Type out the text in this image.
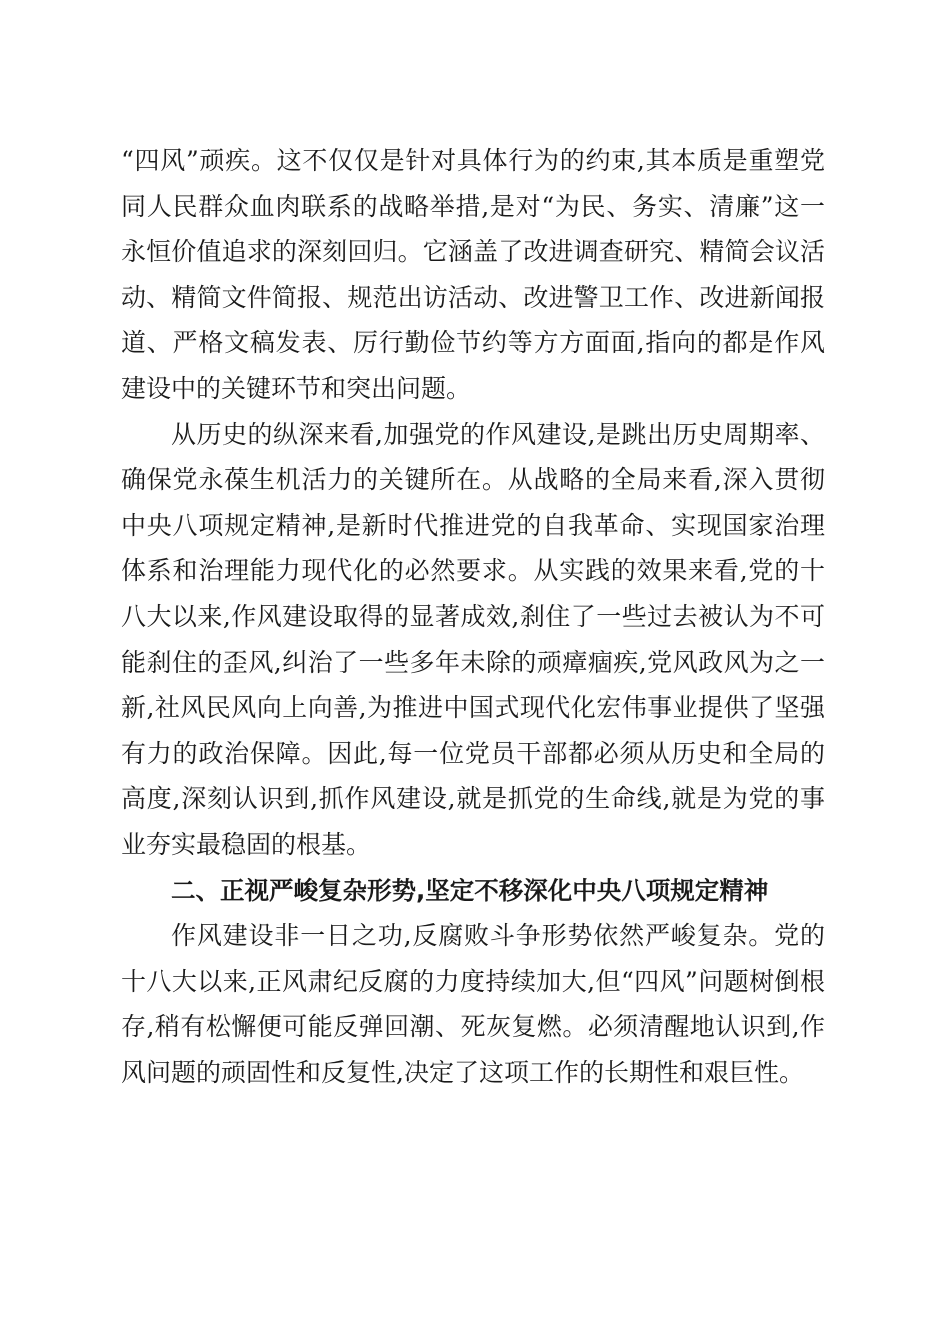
“四风”顽疾。这不仅仅是针对具体行为的约束,其本质是重塑党同人民群众血肉联系的战略举措,是对“为民、务实、清廉”这一永恒价值追求的深刻回归。它涵盖了改进调查研究、精简会议活动、精简文件简报、规范出访活动、改进警卫工作、改进新闻报道、严格文稿发表、厉行勤俭节约等方方面面,指向的都是作风建设中的关键环节和突出问题。

从历史的纵深来看,加强党的作风建设,是跳出历史周期率、确保党永葆生机活力的关键所在。从战略的全局来看,深入贯彻中央八项规定精神,是新时代推进党的自我革命、实现国家治理体系和治理能力现代化的必然要求。从实践的效果来看,党的十八大以来,作风建设取得的显著成效,刹住了一些过去被认为不可能刹住的歪风,纠治了一些多年未除的顽瘴痼疾,党风政风为之一新,社风民风向上向善,为推进中国式现代化宏伟事业提供了坚强有力的政治保障。因此,每一位党员干部都必须从历史和全局的高度,深刻认识到,抓作风建设,就是抓党的生命线,就是为党的事业夯实最稳固的根基。

二、正视严峻复杂形势,坚定不移深化中央八项规定精神

作风建设非一日之功,反腐败斗争形势依然严峻复杂。党的十八大以来,正风肃纪反腐的力度持续加大,但“四风”问题树倒根存,稍有松懈便可能反弹回潮、死灰复燃。必须清醒地认识到,作风问题的顽固性和反复性,决定了这项工作的长期性和艰巨性。
